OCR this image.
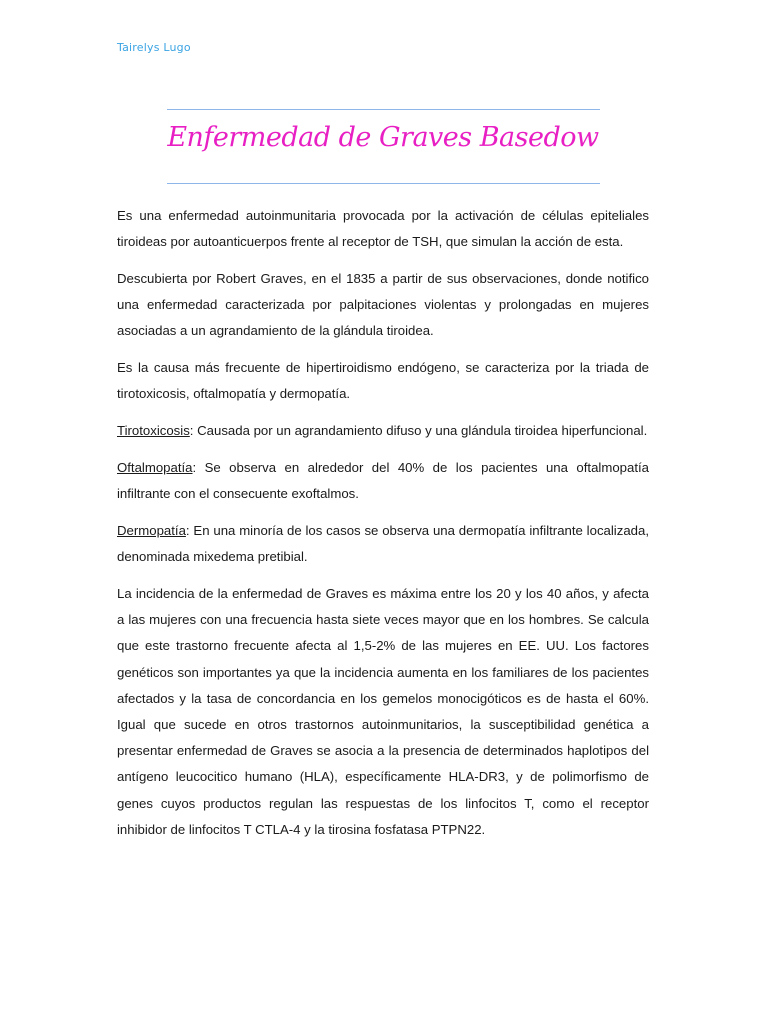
Tairelys Lugo
Enfermedad de Graves Basedow

Es una enfermedad autoinmunitaria provocada por la activación de células epiteliales tiroideas por autoanticuerpos frente al receptor de TSH, que simulan la acción de esta.

Descubierta por Robert Graves, en el 1835 a partir de sus observaciones, donde notifico una enfermedad caracterizada por palpitaciones violentas y prolongadas en mujeres asociadas a un agrandamiento de la glándula tiroidea.

Es la causa más frecuente de hipertiroidismo endógeno, se caracteriza por la triada de tirotoxicosis, oftalmopatía y dermopatía.

Tirotoxicosis: Causada por un agrandamiento difuso y una glándula tiroidea hiperfuncional.

Oftalmopatía: Se observa en alrededor del 40% de los pacientes una oftalmopatía infiltrante con el consecuente exoftalmos.

Dermopatía: En una minoría de los casos se observa una dermopatía infiltrante localizada, denominada mixedema pretibial.

La incidencia de la enfermedad de Graves es máxima entre los 20 y los 40 años, y afecta a las mujeres con una frecuencia hasta siete veces mayor que en los hombres. Se calcula que este trastorno frecuente afecta al 1,5-2% de las mujeres en EE. UU. Los factores genéticos son importantes ya que la incidencia aumenta en los familiares de los pacientes afectados y la tasa de concordancia en los gemelos monocigóticos es de hasta el 60%. Igual que sucede en otros trastornos autoinmunitarios, la susceptibilidad genética a presentar enfermedad de Graves se asocia a la presencia de determinados haplotipos del antígeno leucocitico humano (HLA), específicamente HLA-DR3, y de polimorfismo de genes cuyos productos regulan las respuestas de los linfocitos T, como el receptor inhibidor de linfocitos T CTLA-4 y la tirosina fosfatasa PTPN22.
